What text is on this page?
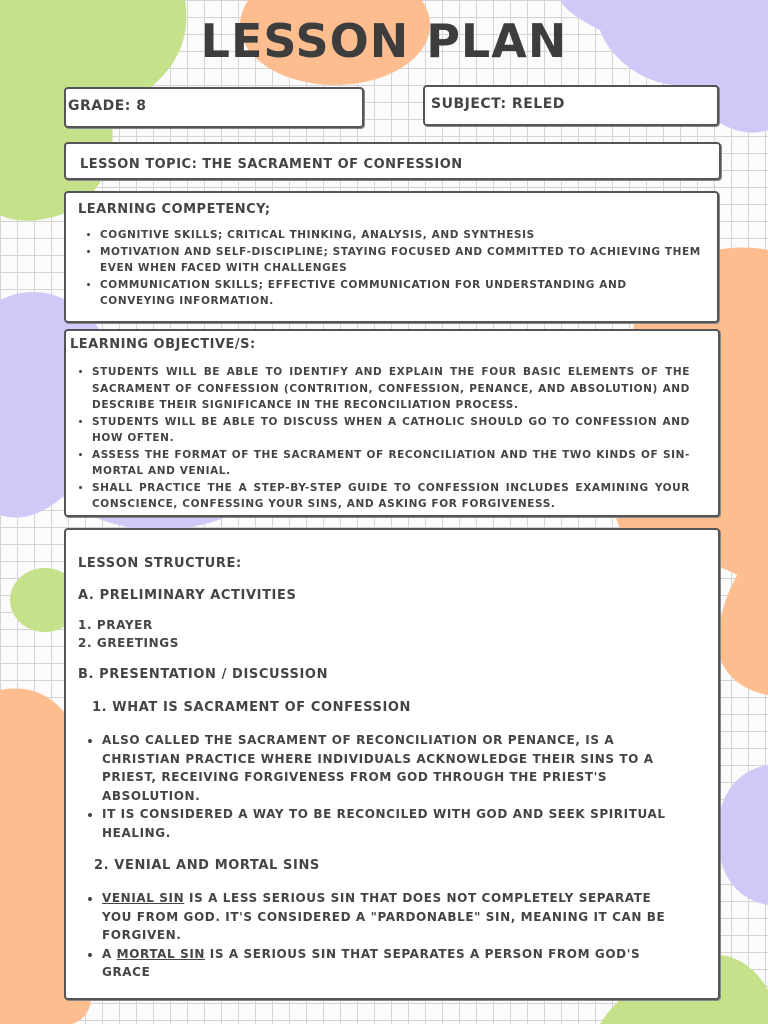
LESSON PLAN
GRADE: 8	SUBJECT: RELED
LESSON TOPIC: THE SACRAMENT OF CONFESSION
LEARNING COMPETENCY;
• COGNITIVE SKILLS; CRITICAL THINKING, ANALYSIS, AND SYNTHESIS
• MOTIVATION AND SELF-DISCIPLINE; STAYING FOCUSED AND COMMITTED TO ACHIEVING THEM EVEN WHEN FACED WITH CHALLENGES
• COMMUNICATION SKILLS; EFFECTIVE COMMUNICATION FOR UNDERSTANDING AND CONVEYING INFORMATION.
LEARNING OBJECTIVE/S:
• STUDENTS WILL BE ABLE TO IDENTIFY AND EXPLAIN THE FOUR BASIC ELEMENTS OF THE SACRAMENT OF CONFESSION (CONTRITION, CONFESSION, PENANCE, AND ABSOLUTION) AND DESCRIBE THEIR SIGNIFICANCE IN THE RECONCILIATION PROCESS.
• STUDENTS WILL BE ABLE TO DISCUSS WHEN A CATHOLIC SHOULD GO TO CONFESSION AND HOW OFTEN.
• ASSESS THE FORMAT OF THE SACRAMENT OF RECONCILIATION AND THE TWO KINDS OF SIN-MORTAL AND VENIAL.
• SHALL PRACTICE THE A STEP-BY-STEP GUIDE TO CONFESSION INCLUDES EXAMINING YOUR CONSCIENCE, CONFESSING YOUR SINS, AND ASKING FOR FORGIVENESS.
LESSON STRUCTURE:
A. PRELIMINARY ACTIVITIES
1. PRAYER
2. GREETINGS
B. PRESENTATION / DISCUSSION
1. WHAT IS SACRAMENT OF CONFESSION
• ALSO CALLED THE SACRAMENT OF RECONCILIATION OR PENANCE, IS A CHRISTIAN PRACTICE WHERE INDIVIDUALS ACKNOWLEDGE THEIR SINS TO A PRIEST, RECEIVING FORGIVENESS FROM GOD THROUGH THE PRIEST'S ABSOLUTION.
• IT IS CONSIDERED A WAY TO BE RECONCILED WITH GOD AND SEEK SPIRITUAL HEALING.
2. VENIAL AND MORTAL SINS
• VENIAL SIN IS A LESS SERIOUS SIN THAT DOES NOT COMPLETELY SEPARATE YOU FROM GOD. IT'S CONSIDERED A "PARDONABLE" SIN, MEANING IT CAN BE FORGIVEN.
• A MORTAL SIN IS A SERIOUS SIN THAT SEPARATES A PERSON FROM GOD'S GRACE
